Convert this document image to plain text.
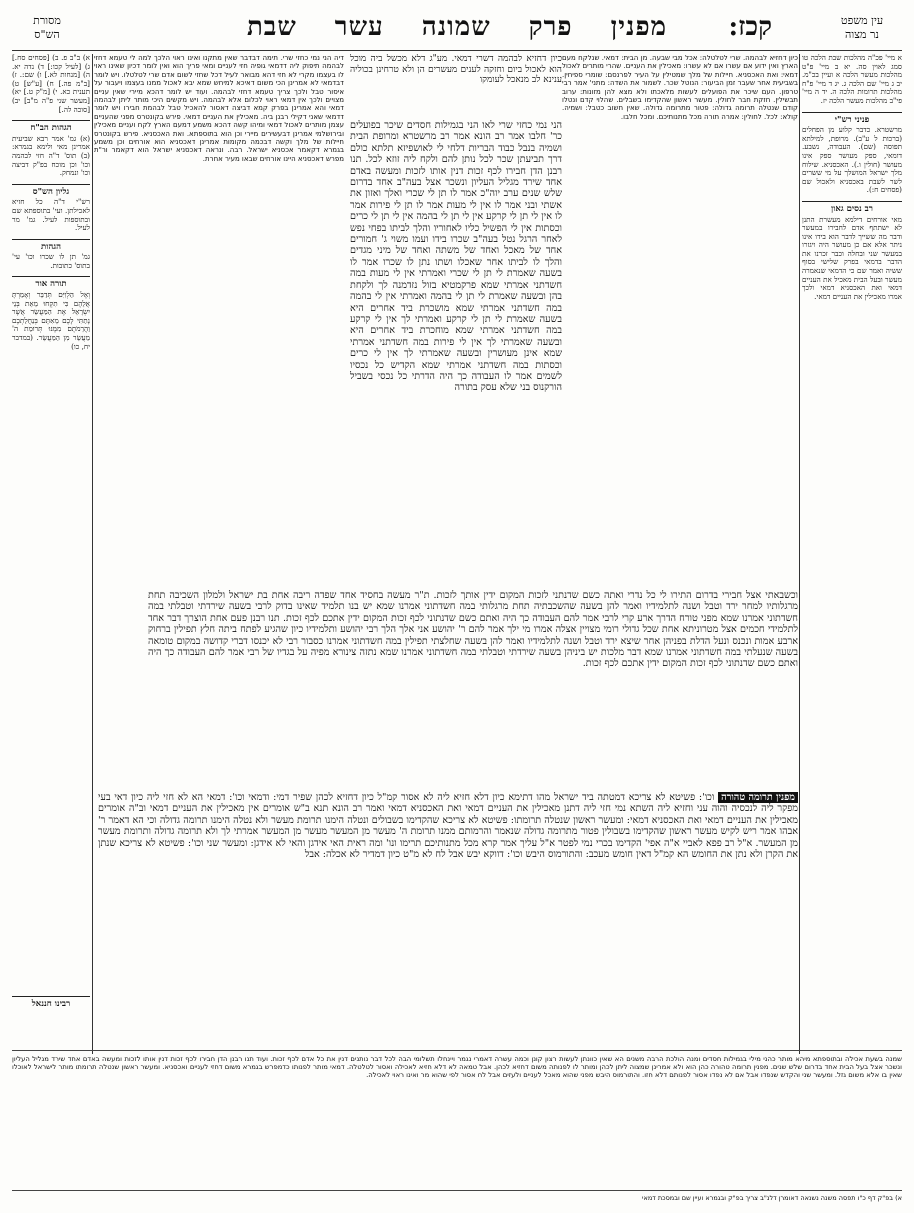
עין משפט
נר מצוה
קכז:
מפנין פרק שמונה עשר שבת
מסורת
הש"ס
כיון דחזיא לבהמה דשרי דמאי. מע"ג דלא מכשל ביה מוכל הוא לאכול ביום וחזקה לענים מעשרים הן ולא טרחינן בכוליה ענינא לב מנאכל לעומקו
א מיי' פכ"ה מהלכות שבת הלכה טו סמג לאוין סה. יא ב מיי' פ"ט מהלכות מעשר הלכה א ועיין בכ"מ. יב ג מיי' שם הלכה ג. יג ד מיי' פ"ח מהלכות תרומות הלכה ה. יד ה מיי' פי"ב מהלכות מעשר הלכה יז.
פניני רש"י
מרשטרא. כדבר קלוע מן הפחלים (ברכות ל ע"ב). מרופת, למילתא תפוסה (שם). העבודה, נשבע. דומאי, ספק מעושר ספק אינו מעושר (חולין ו.). האכסניא. שילוח מלך ישראל המושלך על מי ששרים לשר לשבת באכסניא ולאכול שם (פסחים ח:).
רב נסים גאון
מאי אורחים דילמא מעשרת התנן לא ישתתף אדם לחבירו במעשר ודבר מה ששייך לדבר הוא בידו אינו ניתר אלא אם כן מעושר היה ויגזרו במעשר שני ובחלה וכבר זכרנו את הדבר בדמאי בפרק שלישי בסוף ששיה ואמר שם כי הדמאי שנאמרה מעשר ובעל הבית מאכיל את העניים דמאי ואת האכסניא דמאי ולכך אמרו מאכילין את העניים דמאי.
כיון דחזיא לבהמה. שרי לטלטלה: אכל מבי שבעה. מן הבית: דמאי. שנלקח מעם הארץ ואין ידוע אם עשרו אם לא עשרו: מאכילין את העניים. שהרי מותרים לאכול דמאי: ואת האכסניא. חיילות של מלך שמטילין על העיר לפרנסם: שומרי ספיחין. בשביעית אחר שעבר זמן הביעור: הנוטל שכר. לשמור את השדה: מתני' אמר רבי טרפון. העם שיכר את הפועלים לעשות מלאכתו ולא מצא להן מזונות: ערוב תבשילין. חזקת חבר לחולין. מעשר ראשון שהקדימו בשבלים. שהלוי קדם ונטלו קודם שנטלה תרומה גדולה: פטור מתרומה גדולה. שאין חשוב כטבל: ושמיה. קולא: לכל. לחולין: אמרה תורה מכל מתנותיכם. ומכל חלבו.
הני נמי כחזי שרי לאו הני בגמילות חסדים שיכר בפועלים כר' חלבו אמר רב הונא אמר רב מרשטרא ומרופת הבית ושמיה בנבל כבוד הבריות דלחי לי לאושפיזא תלתא כולם דרך תביעתן שכר לכל נותן להם ולקח ליה זוזא לכל. תנו רבנן הדן חבירו לכף זכות דנין אותו לזכות ומעשה באדם אחד שירד מגליל העליון ונשכר אצל בעה"ב אחד בדרום שלש שנים ערב יוה"כ אמר לו תן לי שכרי ואלך ואזון את אשתי ובני אמר לו אין לי מעות אמר לו תן לי פירות אמר לו אין לי תן לי קרקע אין לי תן לי בהמה אין לי תן לי כרים וכסתות אין לי הפשיל כליו לאחוריו והלך לביתו בפחי נפש לאחר הרגל נטל בעה"ב שכרו בידו ועמו משוי ג' חמורים אחד של מאכל ואחד של משתה ואחד של מיני מגדים והלך לו לביתו אחר שאכלו ושתו נתן לו שכרו אמר לו בשעה שאמרת לי תן לי שכרי ואמרתי אין לי מעות במה חשדתני אמרתי שמא פרקמטיא בזול נזדמנה לך ולקחת בהן ובשעה שאמרת לי תן לי בהמה ואמרתי אין לי בהמה במה חשדתני אמרתי שמא מושכרת ביד אחרים היא בשעה שאמרת לי תן לי קרקע ואמרתי לך אין לי קרקע במה חשדתני אמרתי שמא מוחכרת ביד אחרים היא ובשעה שאמרתי לך אין לי פירות במה חשדתני אמרתי שמא אינן מעושרין ובשעה שאמרתי לך אין לי כרים וכסתות במה חשדתני אמרתי שמא הקדיש כל נכסיו לשמים אמר לו העבודה כך היה הדרתי כל נכסי בשביל הורקנוס בני שלא עסק בתורה
דיה הני נמי כחזי שרי. תימה דבדבר שאין מתקנו ואינו ראוי הלכך למה לי טעמא דחזי לבהמה תיפוק ליה דדמאי גופיה חזי לעניים ומאי פריך הוא ואין לומר דכיון שאינו ראוי לו בעצמו מקרי לא חזי דהא מבואר לעיל דכל שחזי לשום אדם שרי לטלטלו. ויש לומר דבדמאי לא אמרינן הכי משום דאיכא למיחש שמא יבא לאכול ממנו בעצמו ויעבור על איסור טבל ולכך צריך טעמא דחזי לבהמה. ועוד יש לומר דהכא מיירי שאין עניים מצויים ולכך אין דמאי ראוי לכלום אלא לבהמה. ויש מקשים היכי מותר ליתן לבהמה דמאי והא אמרינן בפרק קמא דביצה דאסור להאכיל טבל לבהמת חבירו ויש לומר דדמאי שאני דקילי רבנן ביה. מאכילין את העניים דמאי. פירש בקונטרס מפני שהעניים עצמן מותרים לאכול דמאי ומיהו קשה דהכא משמע דמעם הארץ לקח ועניים מאכילין ובירושלמי אמרינן דבעשירים מיירי וכן הוא בתוספתא. ואת האכסניא. פירש בקונטרס חיילות של מלך וקשה דבכמה מקומות אמרינן דאכסניא הוא אורחים וכן משמע בגמרא דקאמר אכסניא ישראל. רבה. ונראה דאכסניא ישראל הוא דקאמר ור"ת מפרש דאכסניא היינו אורחים שבאו מעיר אחרת.
א) ב"ב פ. ב) [פסחים סח.] ג) [לעיל קכו:] ד) נדה יא. ה) [מנחות לא.] ו) שם:. ז) [ב"מ פה.] ח) [ע"ש] ט) תענית כא. י) [מ"ק ט.] יא) [מעשר שני פ"ה מ"ב] יב) [סוכה לה.]
הגהות הב"ח
(א) גמ' אמר רבא שביעית אמרינן מאי ולימא בגמרא: (ב) תוס' ד"ה חזי לבהמה וכו' וכן מוכח בפ"ק דביצה וכו' ונמחק.
גליון הש"ס
רש"י ד"ה כל חזיא לאכילתן. ועי' בתוספתא שם ובתוספות לעיל. גמ' מר לעיל.
הגהות
גמ' תן לו שכרו וכו' עי' בתוס' כתובות.
תורה אור
וְאֶל הַלְוִיִּם תְּדַבֵּר וְאָמַרְתָּ אֲלֵהֶם כִּי תִקְחוּ מֵאֵת בְּנֵי יִשְׂרָאֵל אֶת הַמַּעֲשֵׂר אֲשֶׁר נָתַתִּי לָכֶם מֵאִתָּם בְּנַחֲלַתְכֶם וַהֲרֵמֹתֶם מִמֶּנּוּ תְּרוּמַת ה' מַעֲשֵׂר מִן הַמַּעֲשֵׂר. (במדבר יח, כו)
רבינו חננאל
וכשבאתי אצל חבירי בדרום התירו לי כל נדרי ואתה כשם שדנתני לזכות המקום ידין אותך לזכות. ת"ר מעשה בחסיד אחד שפדה ריבה אחת בת ישראל ולמלון השכיבה תחת מרגלותיו למחר ירד וטבל ושנה לתלמידיו ואמר להן בשעה שהשכבתיה תחת מרגלותי במה חשדתוני אמרנו שמא יש בנו תלמיד שאינו בדוק לרבי בשעה שירדתי וטבלתי במה חשדתוני אמרנו שמא מפני טורח הדרך ארע קרי לרבי אמר להם העבודה כך היה ואתם כשם שדנתוני לכף זכות המקום ידין אתכם לכף זכות. תנו רבנן פעם אחת הוצרך דבר אחד לתלמידי חכמים אצל מטרוניתא אחת שכל גדולי רומי מצויין אצלה אמרו מי ילך אמר להם ר' יהושע אני אלך הלך רבי יהושע ותלמידיו כיון שהגיע לפתח ביתה חלץ תפילין ברחוק ארבע אמות ונכנס ונעל הדלת בפניהן אחר שיצא ירד וטבל ושנה לתלמידיו ואמר להן בשעה שחלצתי תפילין במה חשדתוני אמרנו כסבור רבי לא יכנסו דברי קדושה במקום טומאה בשעה שנעלתי במה חשדתוני אמרנו שמא דבר מלכות יש ביניהן בשעה שירדתי וטבלתי במה חשדתוני אמרנו שמא נתזה צינורא מפיה על בגדיו של רבי אמר להם העבודה כך היה ואתם כשם שדנתוני לכף זכות המקום ידין אתכם לכף זכות.
מפנין תרומה טהורה וכו': פשיטא לא צריכא דמטתה ביד ישראל מהו דתימא כיון דלא חזיא ליה לא אסור קמ"ל כיון דחזיא לכהן שפיר דמי: ודמאי וכו': דמאי הא לא חזי ליה כיון דאי בעי מפקר ליה לנכסיה והוה עני וחזיא ליה השתא נמי חזי ליה דתנן מאכילין את העניים דמאי ואת האכסניא דמאי ואמר רב הונא תנא ב"ש אומרים אין מאכילין את העניים דמאי וב"ה אומרים מאכילין את העניים דמאי ואת האכסניא דמאי: ומעשר ראשון שנטלה תרומתו: פשיטא לא צריכא שהקדימו בשבולים ונטלה הימנו תרומת מעשר ולא נטלה הימנו תרומה גדולה וכי הא דאמר ר' אבהו אמר ריש לקיש מעשר ראשון שהקדימו בשבולין פטור מתרומה גדולה שנאמר והרמותם ממנו תרומת ה' מעשר מן המעשר מעשר מן המעשר אמרתי לך ולא תרומה גדולה ותרומת מעשר מן המעשר. א"ל רב פפא לאביי א"ה אפי' הקדימו בכרי נמי לפטר א"ל עליך אמר קרא מכל מתנותיכם תרימו ונו' ומה ראית האי אידגן והאי לא אידגן: ומעשר שני וכו': פשיטא לא צריכא שנתן את הקרן ולא נתן את החומש הא קמ"ל דאין חומש מעכב: והתורמוס היבש וכו': דווקא יבש אבל לח לא מ"ט כיון דמדיר לא אכלה: אבל
שמנה בשעת אכילה ובתוספתא מיהא מותר כהני מילי בגמילות חסדים ומנה הולכת הרבה משנים הא שאין כוונתן לעשות רצון קונן וכמה עשרה דאמרי נגמר ויינחלו תשלומי הבה לכל דבר נותנים דנין את כל אדם לכף זכות. ועוד תנו רבנן הדן חבירו לכף זכות דנין אותו לזכות ומעשה באדם אחד שירד מגליל העליון ונשכר אצל בעל הבית אחד בדרום שלש שנים. מפנין תרומה טהורה כהן הוא ולא אמרינן שמצוה ליתן לכהן ומותר לו לפנותה משום דחזיא לכהן. אבל טמאה לא דלא חזיא לאכילה ואסור לטלטלה. דמאי מותר לפנותו כדמפרש בגמרא משום דחזי לעניים ואכסניא. ומעשר ראשון שנטלה תרומתו מותר לישראל לאוכלו שאין בו אלא משום גזל. ומעשר שני והקדש שנפדו אבל אם לא נפדו אסור לפנותם דלא חזו. והתורמוס היבש מפני שהוא מאכל לעניים ולעזים אבל לח אסור לפי שהוא מר ואינו ראוי לאכילה.
א) בפ"ק דף כ"ו תפסה משנה נשנאה דאומרן דלנ"ב צריך בפ"ק ובגמרא ועיין שם ובמסכת דמאי
